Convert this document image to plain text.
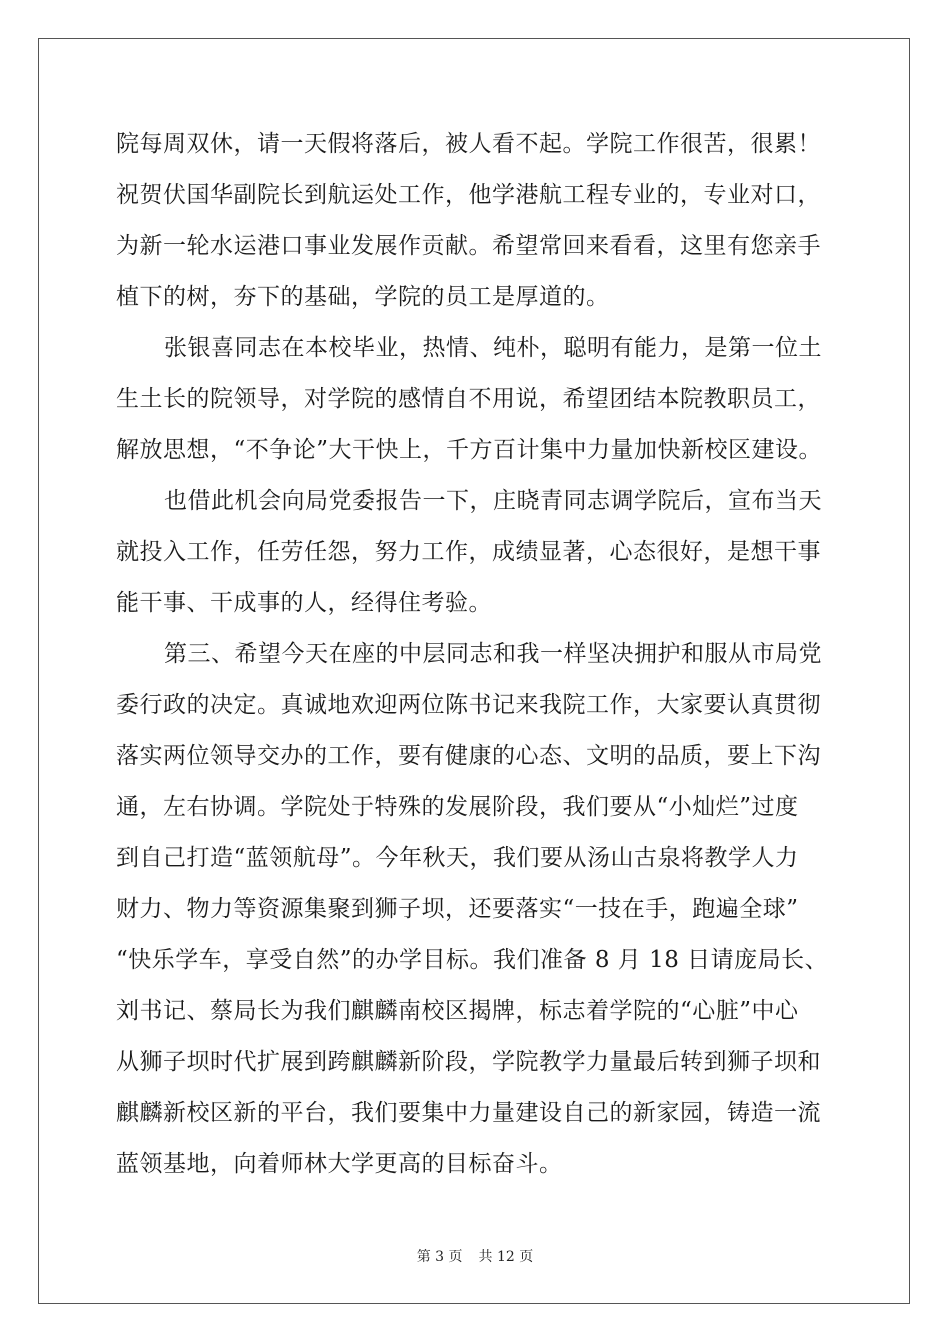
院每周双休，请一天假将落后，被人看不起。学院工作很苦，很累！
祝贺伏国华副院长到航运处工作，他学港航工程专业的，专业对口，
为新一轮水运港口事业发展作贡献。希望常回来看看，这里有您亲手
植下的树，夯下的基础，学院的员工是厚道的。
张银喜同志在本校毕业，热情、纯朴，聪明有能力，是第一位土
生土长的院领导，对学院的感情自不用说，希望团结本院教职员工，
解放思想，“不争论”大干快上，千方百计集中力量加快新校区建设。
也借此机会向局党委报告一下，庄晓青同志调学院后，宣布当天
就投入工作，任劳任怨，努力工作，成绩显著，心态很好，是想干事
能干事、干成事的人，经得住考验。
第三、希望今天在座的中层同志和我一样坚决拥护和服从市局党
委行政的决定。真诚地欢迎两位陈书记来我院工作，大家要认真贯彻
落实两位领导交办的工作，要有健康的心态、文明的品质，要上下沟
通，左右协调。学院处于特殊的发展阶段，我们要从“小灿烂”过度
到自己打造“蓝领航母”。今年秋天，我们要从汤山古泉将教学人力
财力、物力等资源集聚到狮子坝，还要落实“一技在手，跑遍全球”
“快乐学车，享受自然”的办学目标。我们准备 8 月 18 日请庞局长、
刘书记、蔡局长为我们麒麟南校区揭牌，标志着学院的“心脏”中心
从狮子坝时代扩展到跨麒麟新阶段，学院教学力量最后转到狮子坝和
麒麟新校区新的平台，我们要集中力量建设自己的新家园，铸造一流
蓝领基地，向着师林大学更高的目标奋斗。
第 3 页 共 12 页
